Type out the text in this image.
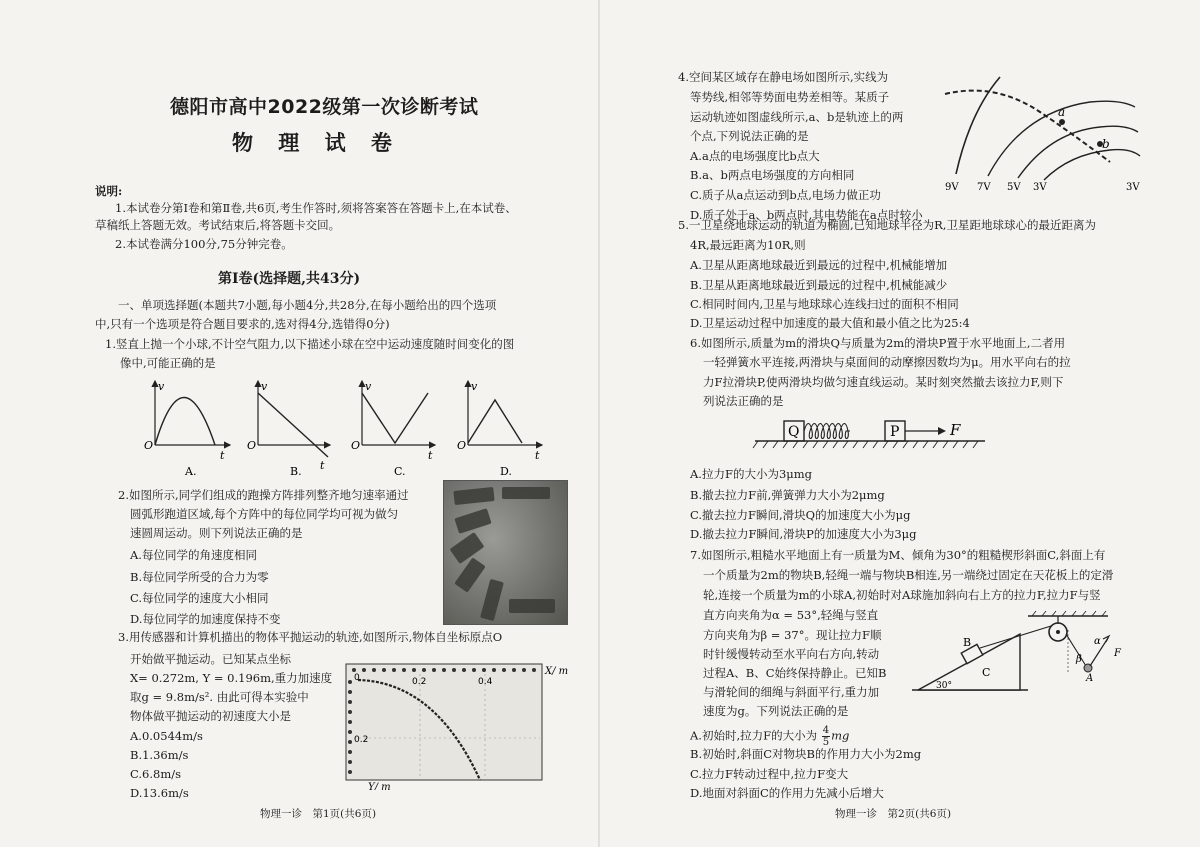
德阳市高中2022级第一次诊断考试
物 理 试 卷
说明:
1.本试卷分第Ⅰ卷和第Ⅱ卷,共6页,考生作答时,须将答案答在答题卡上,在本试卷、
草稿纸上答题无效。考试结束后,将答题卡交回。
2.本试卷满分100分,75分钟完卷。
第Ⅰ卷(选择题,共43分)
一、单项选择题(本题共7小题,每小题4分,共28分,在每小题给出的四个选项
中,只有一个选项是符合题目要求的,选对得4分,选错得0分)
1.竖直上抛一个小球,不计空气阻力,以下描述小球在空中运动速度随时间变化的图
像中,可能正确的是
v
t
O
A.
v
t
O
B.
v
t
O
C.
v
t
O
D.
2.如图所示,同学们组成的跑操方阵排列整齐地匀速率通过
圆弧形跑道区域,每个方阵中的每位同学均可视为做匀
速圆周运动。则下列说法正确的是
A.每位同学的角速度相同
B.每位同学所受的合力为零
C.每位同学的速度大小相同
D.每位同学的加速度保持不变
3.用传感器和计算机描出的物体平抛运动的轨迹,如图所示,物体自坐标原点O
开始做平抛运动。已知某点坐标
X= 0.272m, Y = 0.196m,重力加速度
取g = 9.8m/s². 由此可得本实验中
物体做平抛运动的初速度大小是
A.0.0544m/s
B.1.36m/s
C.6.8m/s
D.13.6m/s
0	0.2	0.4
0.2
X/ m
Y/ m
物理一诊　第1页(共6页)
4.空间某区域存在静电场如图所示,实线为
等势线,相邻等势面电势差相等。某质子
运动轨迹如图虚线所示,a、b是轨迹上的两
个点,下列说法正确的是
A.a点的电场强度比b点大
B.a、b两点电场强度的方向相同
C.质子从a点运动到b点,电场力做正功
D.质子处于a、b两点时,其电势能在a点时较小
a
b
9V 7V 5V 3V	3V
5.一卫星绕地球运动的轨道为椭圆,已知地球半径为R,卫星距地球球心的最近距离为
4R,最远距离为10R,则
A.卫星从距离地球最近到最远的过程中,机械能增加
B.卫星从距离地球最近到最远的过程中,机械能减少
C.相同时间内,卫星与地球球心连线扫过的面积不相同
D.卫星运动过程中加速度的最大值和最小值之比为25:4
6.如图所示,质量为m的滑块Q与质量为2m的滑块P置于水平地面上,二者用
一轻弹簧水平连接,两滑块与桌面间的动摩擦因数均为μ。用水平向右的拉
力F拉滑块P,使两滑块均做匀速直线运动。某时刻突然撤去该拉力F,则下
列说法正确的是
Q	P	F
A.拉力F的大小为3μmg
B.撤去拉力F前,弹簧弹力大小为2μmg
C.撤去拉力F瞬间,滑块Q的加速度大小为μg
D.撤去拉力F瞬间,滑块P的加速度大小为3μg
7.如图所示,粗糙水平地面上有一质量为M、倾角为30°的粗糙楔形斜面C,斜面上有
一个质量为2m的物块B,轻绳一端与物块B相连,另一端绕过固定在天花板上的定滑
轮,连接一个质量为m的小球A,初始时对A球施加斜向右上方的拉力F,拉力F与竖
直方向夹角为α = 53°,轻绳与竖直
方向夹角为β = 37°。现让拉力F顺
时针缓慢转动至水平向右方向,转动
过程A、B、C始终保持静止。已知B
与滑轮间的细绳与斜面平行,重力加
速度为g。下列说法正确的是
A.初始时,拉力F的大小为 $\frac{4}{5}$ mg
B.初始时,斜面C对物块B的作用力大小为2mg
C.拉力F转动过程中,拉力F变大
D.地面对斜面C的作用力先减小后增大
C
30°
B	α
β
A
F
物理一诊　第2页(共6页)
